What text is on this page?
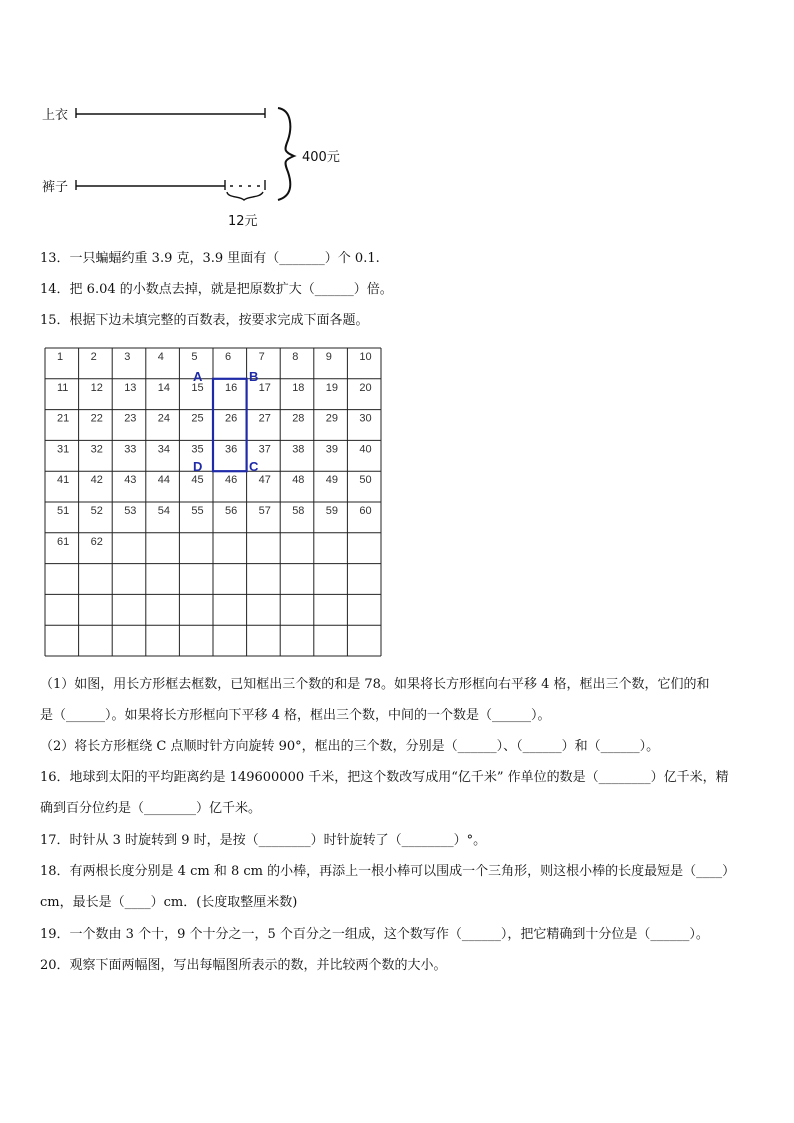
上衣
裤子
400元
12元
13．一只蝙蝠约重 3.9 克，3.9 里面有（_______）个 0.1.
14．把 6.04 的小数点去掉，就是把原数扩大（______）倍。
15．根据下边未填完整的百数表，按要求完成下面各题。
1 2 3 4 5 6 7 8 9 10
11 12 13 14 15 16 17 18 19 20
21 22 23 24 25 26 27 28 29 30
31 32 33 34 35 36 37 38 39 40
41 42 43 44 45 46 47 48 49 50
51 52 53 54 55 56 57 58 59 60
61 62
A	B
D	C
（1）如图，用长方形框去框数，已知框出三个数的和是 78。如果将长方形框向右平移 4 格，框出三个数，它们的和
是（______）。如果将长方形框向下平移 4 格，框出三个数，中间的一个数是（______）。
（2）将长方形框绕 C 点顺时针方向旋转 90°，框出的三个数，分别是（______）、（______）和（______）。
16．地球到太阳的平均距离约是 149600000 千米，把这个数改写成用“亿千米” 作单位的数是（________）亿千米，精
确到百分位约是（________）亿千米。
17．时针从 3 时旋转到 9 时，是按（________）时针旋转了（________）°。
18．有两根长度分别是 4 cm 和 8 cm 的小棒，再添上一根小棒可以围成一个三角形，则这根小棒的长度最短是（____）
cm，最长是（____）cm．(长度取整厘米数)
19．一个数由 3 个十，9 个十分之一，5 个百分之一组成，这个数写作（______），把它精确到十分位是（______）。
20．观察下面两幅图，写出每幅图所表示的数，并比较两个数的大小。
